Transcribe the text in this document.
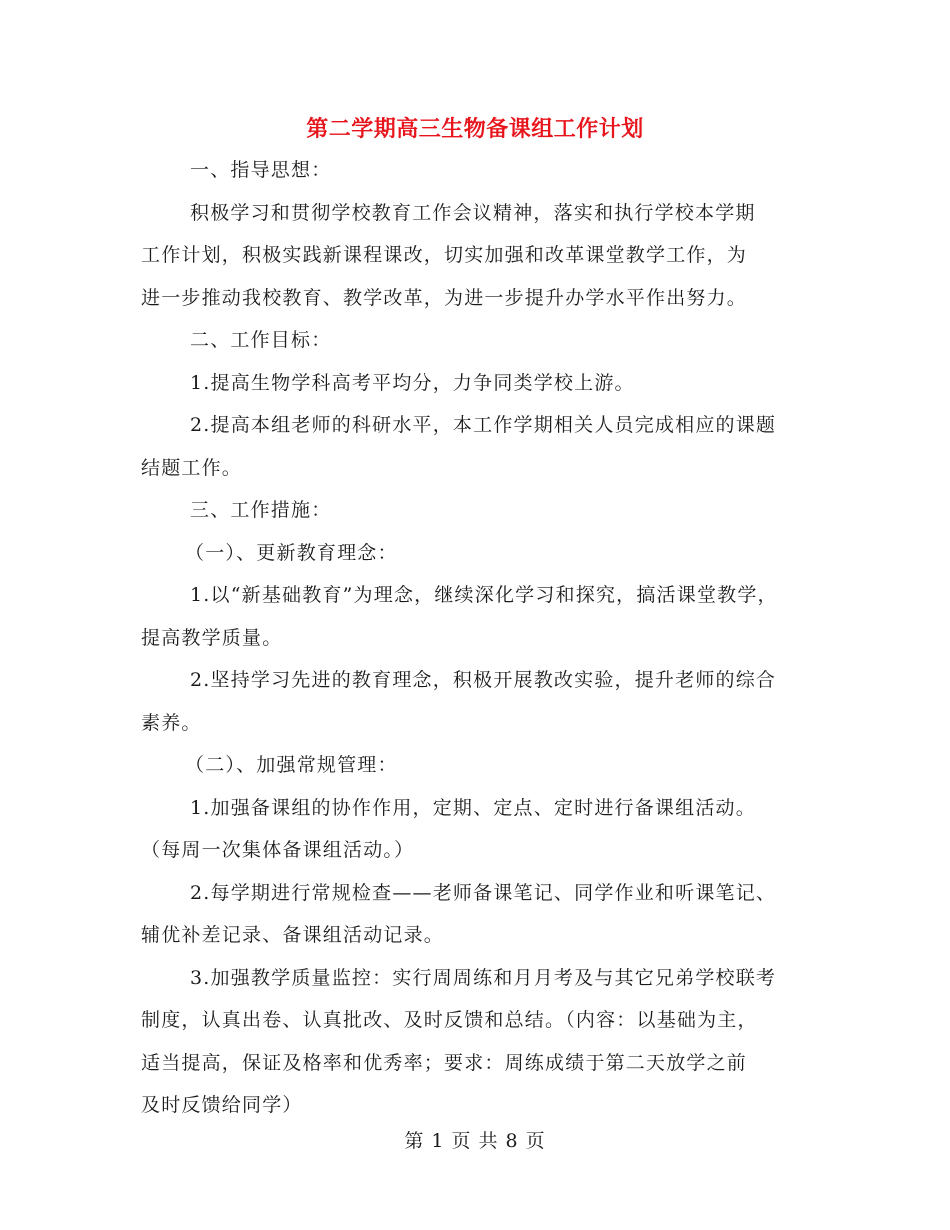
第二学期高三生物备课组工作计划
一、指导思想：
积极学习和贯彻学校教育工作会议精神，落实和执行学校本学期
工作计划，积极实践新课程课改，切实加强和改革课堂教学工作，为
进一步推动我校教育、教学改革，为进一步提升办学水平作出努力。
二、工作目标：
1.提高生物学科高考平均分，力争同类学校上游。
2.提高本组老师的科研水平，本工作学期相关人员完成相应的课题
结题工作。
三、工作措施：
（一）、更新教育理念：
1.以“新基础教育”为理念，继续深化学习和探究，搞活课堂教学，
提高教学质量。
2.坚持学习先进的教育理念，积极开展教改实验，提升老师的综合
素养。
（二）、加强常规管理：
1.加强备课组的协作作用，定期、定点、定时进行备课组活动。
（每周一次集体备课组活动。）
2.每学期进行常规检查——老师备课笔记、同学作业和听课笔记、
辅优补差记录、备课组活动记录。
3.加强教学质量监控：实行周周练和月月考及与其它兄弟学校联考
制度，认真出卷、认真批改、及时反馈和总结。（内容：以基础为主，
适当提高，保证及格率和优秀率；要求：周练成绩于第二天放学之前
及时反馈给同学）
第 1 页 共 8 页
